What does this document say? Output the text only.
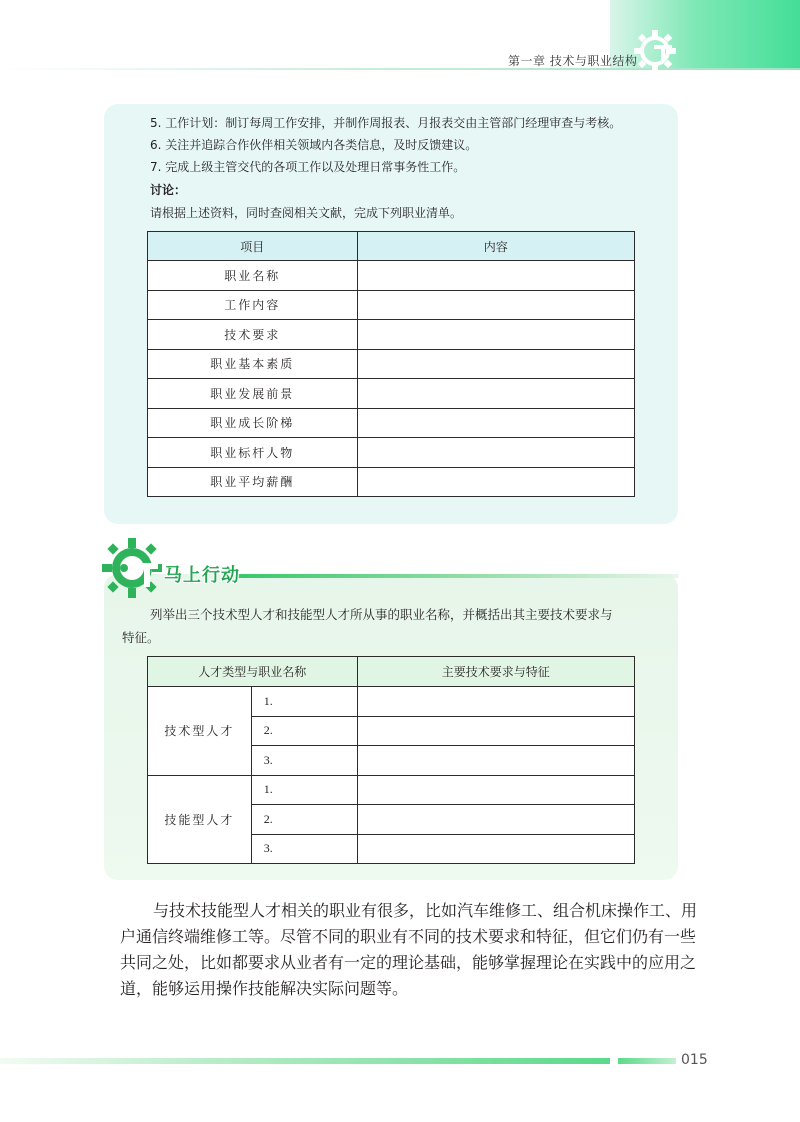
第一章 技术与职业结构
5. 工作计划：制订每周工作安排，并制作周报表、月报表交由主管部门经理审查与考核。
6. 关注并追踪合作伙伴相关领域内各类信息，及时反馈建议。
7. 完成上级主管交代的各项工作以及处理日常事务性工作。
讨论：
请根据上述资料，同时查阅相关文献，完成下列职业清单。
项目	内容
职业名称	
工作内容	
技术要求	
职业基本素质	
职业发展前景	
职业成长阶梯	
职业标杆人物	
职业平均薪酬	
马上行动
列举出三个技术型人才和技能型人才所从事的职业名称，并概括出其主要技术要求与
特征。
人才类型与职业名称		主要技术要求与特征
技术型人才	1.	
	2.	
	3.	
技能型人才	1.	
	2.	
	3.	
与技术技能型人才相关的职业有很多，比如汽车维修工、组合机床操作工、用
户通信终端维修工等。尽管不同的职业有不同的技术要求和特征，但它们仍有一些
共同之处，比如都要求从业者有一定的理论基础，能够掌握理论在实践中的应用之
道，能够运用操作技能解决实际问题等。
015
